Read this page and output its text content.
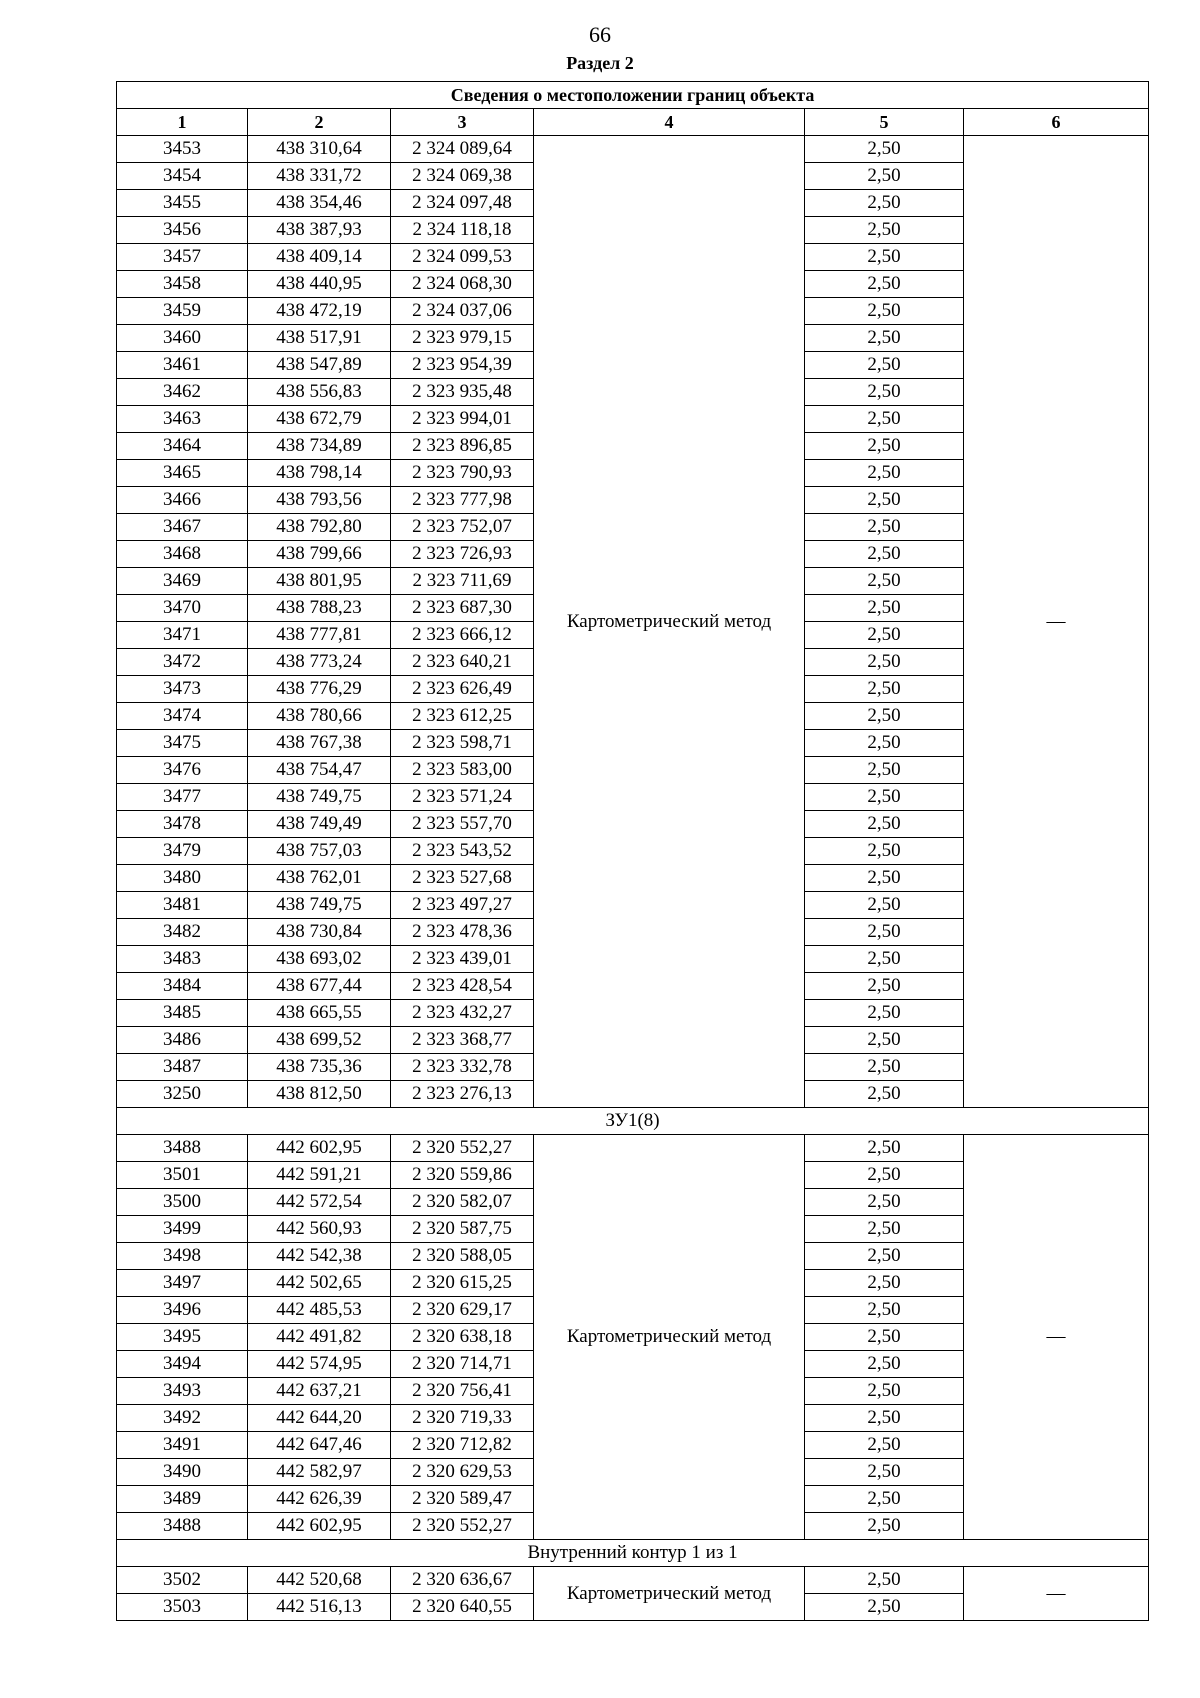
66
Раздел 2
Сведения о местоположении границ объекта					
1	2	3	4	5	6
3453	438 310,64	2 324 089,64	Картометрический метод	2,50	—
3454	438 331,72	2 324 069,38		2,50	
3455	438 354,46	2 324 097,48		2,50	
3456	438 387,93	2 324 118,18		2,50	
3457	438 409,14	2 324 099,53		2,50	
3458	438 440,95	2 324 068,30		2,50	
3459	438 472,19	2 324 037,06		2,50	
3460	438 517,91	2 323 979,15		2,50	
3461	438 547,89	2 323 954,39		2,50	
3462	438 556,83	2 323 935,48		2,50	
3463	438 672,79	2 323 994,01		2,50	
3464	438 734,89	2 323 896,85		2,50	
3465	438 798,14	2 323 790,93		2,50	
3466	438 793,56	2 323 777,98		2,50	
3467	438 792,80	2 323 752,07		2,50	
3468	438 799,66	2 323 726,93		2,50	
3469	438 801,95	2 323 711,69		2,50	
3470	438 788,23	2 323 687,30		2,50	
3471	438 777,81	2 323 666,12		2,50	
3472	438 773,24	2 323 640,21		2,50	
3473	438 776,29	2 323 626,49		2,50	
3474	438 780,66	2 323 612,25		2,50	
3475	438 767,38	2 323 598,71		2,50	
3476	438 754,47	2 323 583,00		2,50	
3477	438 749,75	2 323 571,24		2,50	
3478	438 749,49	2 323 557,70		2,50	
3479	438 757,03	2 323 543,52		2,50	
3480	438 762,01	2 323 527,68		2,50	
3481	438 749,75	2 323 497,27		2,50	
3482	438 730,84	2 323 478,36		2,50	
3483	438 693,02	2 323 439,01		2,50	
3484	438 677,44	2 323 428,54		2,50	
3485	438 665,55	2 323 432,27		2,50	
3486	438 699,52	2 323 368,77		2,50	
3487	438 735,36	2 323 332,78		2,50	
3250	438 812,50	2 323 276,13		2,50	
ЗУ1(8)					
3488	442 602,95	2 320 552,27	Картометрический метод	2,50	—
3501	442 591,21	2 320 559,86		2,50	
3500	442 572,54	2 320 582,07		2,50	
3499	442 560,93	2 320 587,75		2,50	
3498	442 542,38	2 320 588,05		2,50	
3497	442 502,65	2 320 615,25		2,50	
3496	442 485,53	2 320 629,17		2,50	
3495	442 491,82	2 320 638,18		2,50	
3494	442 574,95	2 320 714,71		2,50	
3493	442 637,21	2 320 756,41		2,50	
3492	442 644,20	2 320 719,33		2,50	
3491	442 647,46	2 320 712,82		2,50	
3490	442 582,97	2 320 629,53		2,50	
3489	442 626,39	2 320 589,47		2,50	
3488	442 602,95	2 320 552,27		2,50	
Внутренний контур 1 из 1					
3502	442 520,68	2 320 636,67	Картометрический метод	2,50	—
3503	442 516,13	2 320 640,55		2,50	
